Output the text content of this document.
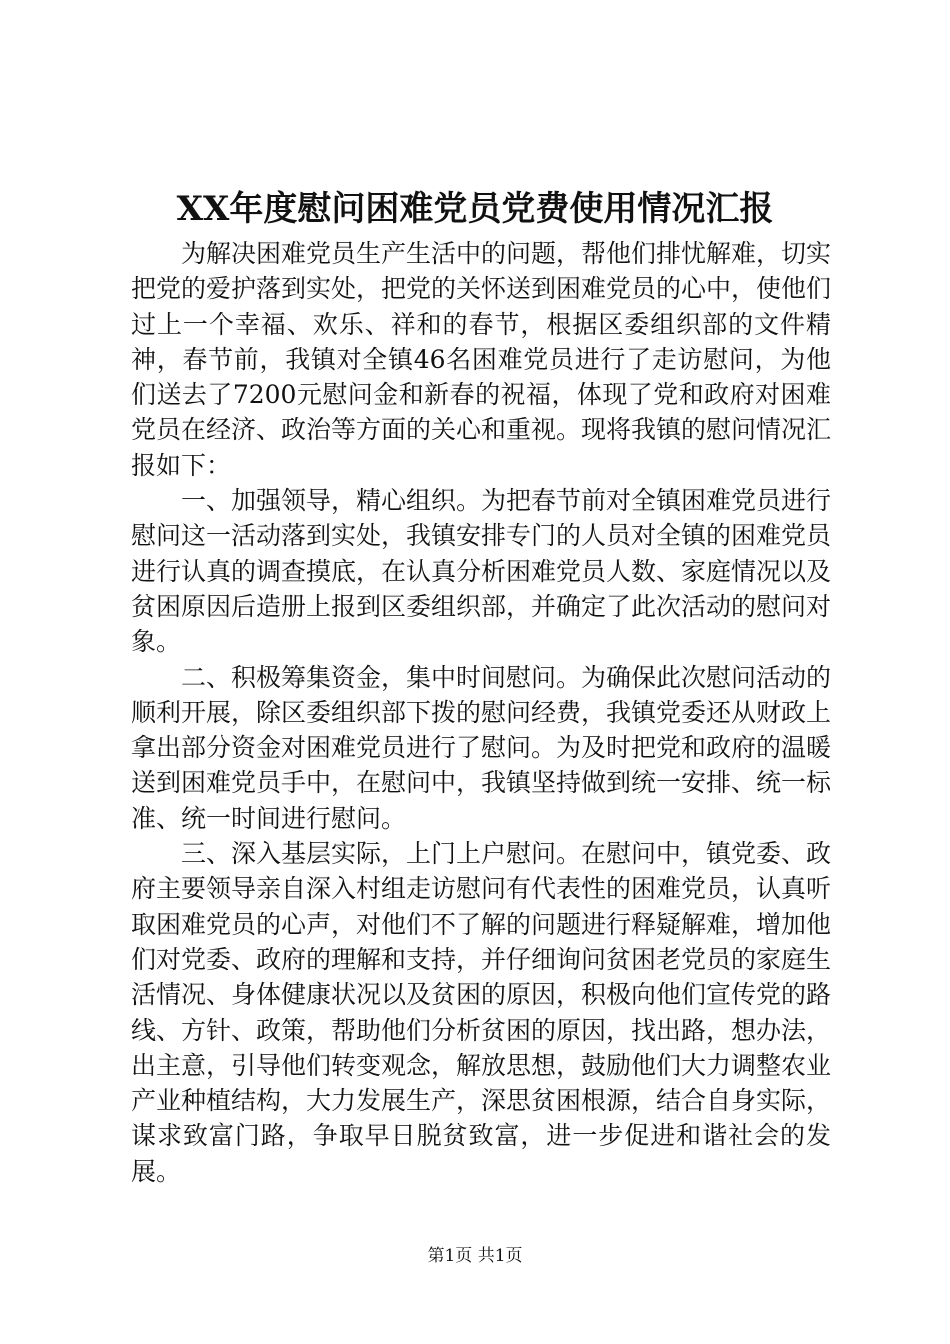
XX年度慰问困难党员党费使用情况汇报

为解决困难党员生产生活中的问题，帮他们排忧解难，切实把党的爱护落到实处，把党的关怀送到困难党员的心中，使他们过上一个幸福、欢乐、祥和的春节，根据区委组织部的文件精神，春节前，我镇对全镇46名困难党员进行了走访慰问，为他们送去了7200元慰问金和新春的祝福，体现了党和政府对困难党员在经济、政治等方面的关心和重视。现将我镇的慰问情况汇报如下：

一、加强领导，精心组织。为把春节前对全镇困难党员进行慰问这一活动落到实处，我镇安排专门的人员对全镇的困难党员进行认真的调查摸底，在认真分析困难党员人数、家庭情况以及贫困原因后造册上报到区委组织部，并确定了此次活动的慰问对象。

二、积极筹集资金，集中时间慰问。为确保此次慰问活动的顺利开展，除区委组织部下拨的慰问经费，我镇党委还从财政上拿出部分资金对困难党员进行了慰问。为及时把党和政府的温暖送到困难党员手中，在慰问中，我镇坚持做到统一安排、统一标准、统一时间进行慰问。

三、深入基层实际，上门上户慰问。在慰问中，镇党委、政府主要领导亲自深入村组走访慰问有代表性的困难党员，认真听取困难党员的心声，对他们不了解的问题进行释疑解难，增加他们对党委、政府的理解和支持，并仔细询问贫困老党员的家庭生活情况、身体健康状况以及贫困的原因，积极向他们宣传党的路线、方针、政策，帮助他们分析贫困的原因，找出路，想办法，出主意，引导他们转变观念，解放思想，鼓励他们大力调整农业产业种植结构，大力发展生产，深思贫困根源，结合自身实际，谋求致富门路，争取早日脱贫致富，进一步促进和谐社会的发展。

第1页 共1页
